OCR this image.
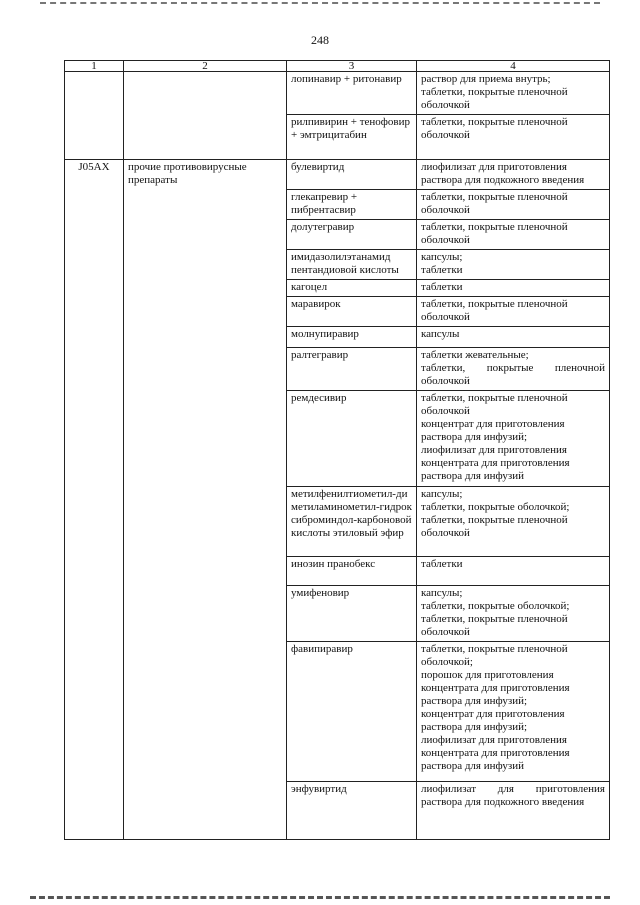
248
1	2	3	4
		лопинавир + ритонавир	раствор для приема внутрь;
таблетки, покрытые пленочной оболочкой

		рилпивирин + тенофовир + эмтрицитабин	таблетки, покрытые пленочной оболочкой

J05AX	прочие противовирусные препараты	булевиртид	лиофилизат для приготовления раствора для подкожного введения

		глекапревир + пибрентасвир	таблетки, покрытые пленочной оболочкой

		долутегравир	таблетки, покрытые пленочной оболочкой

		имидазолилэтанамид пентандиовой кислоты	капсулы;
таблетки

		кагоцел	таблетки

		маравирок	таблетки, покрытые пленочной оболочкой

		молнупиравир	капсулы

		ралтегравир	таблетки жевательные;
таблетки, покрытые пленочной оболочкой

		ремдесивир	таблетки, покрытые пленочной оболочкой
концентрат для приготовления раствора для инфузий;
лиофилизат для приготовления концентрата для приготовления раствора для инфузий

		метилфенилтиометил-диметиламинометил-гидроксиброминдол-карбоновой кислоты этиловый эфир	капсулы;
таблетки, покрытые оболочкой;
таблетки, покрытые пленочной оболочкой

		инозин пранобекс	таблетки

		умифеновир	капсулы;
таблетки, покрытые оболочкой;
таблетки, покрытые пленочной оболочкой

		фавипиравир	таблетки, покрытые пленочной оболочкой;
порошок для приготовления концентрата для приготовления раствора для инфузий;
концентрат для приготовления раствора для инфузий;
лиофилизат для приготовления концентрата для приготовления раствора для инфузий

		энфувиртид	лиофилизат для приготовления раствора для подкожного введения
